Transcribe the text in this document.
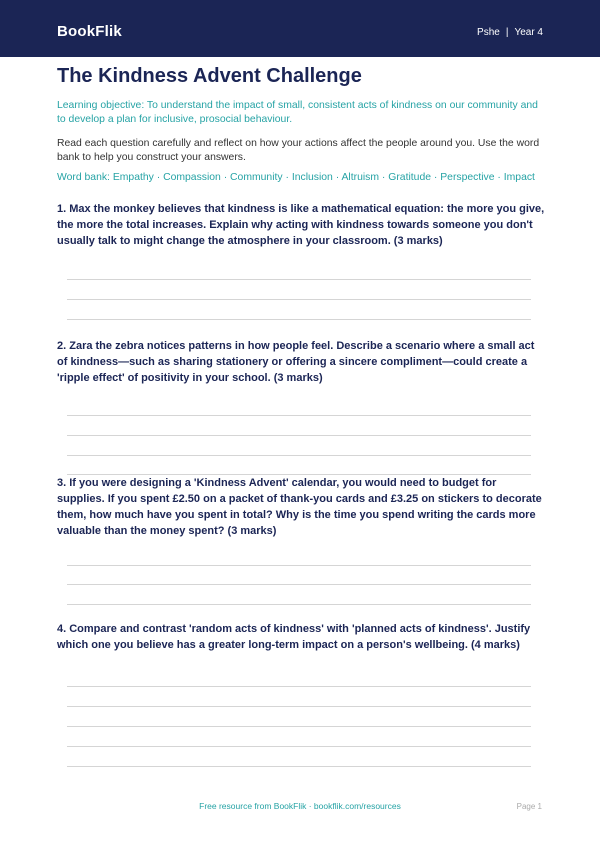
BookFlik	Pshe | Year 4
The Kindness Advent Challenge

Learning objective: To understand the impact of small, consistent acts of kindness on our community and to develop a plan for inclusive, prosocial behaviour.

Read each question carefully and reflect on how your actions affect the people around you. Use the word bank to help you construct your answers.

Word bank: Empathy · Compassion · Community · Inclusion · Altruism · Gratitude · Perspective · Impact

1. Max the monkey believes that kindness is like a mathematical equation: the more you give, the more the total increases. Explain why acting with kindness towards someone you don't usually talk to might change the atmosphere in your classroom. (3 marks)

2. Zara the zebra notices patterns in how people feel. Describe a scenario where a small act of kindness—such as sharing stationery or offering a sincere compliment—could create a 'ripple effect' of positivity in your school. (3 marks)

3. If you were designing a 'Kindness Advent' calendar, you would need to budget for supplies. If you spent £2.50 on a packet of thank-you cards and £3.25 on stickers to decorate them, how much have you spent in total? Why is the time you spend writing the cards more valuable than the money spent? (3 marks)

4. Compare and contrast 'random acts of kindness' with 'planned acts of kindness'. Justify which one you believe has a greater long-term impact on a person's wellbeing. (4 marks)

Free resource from BookFlik · bookflik.com/resources	Page 1
